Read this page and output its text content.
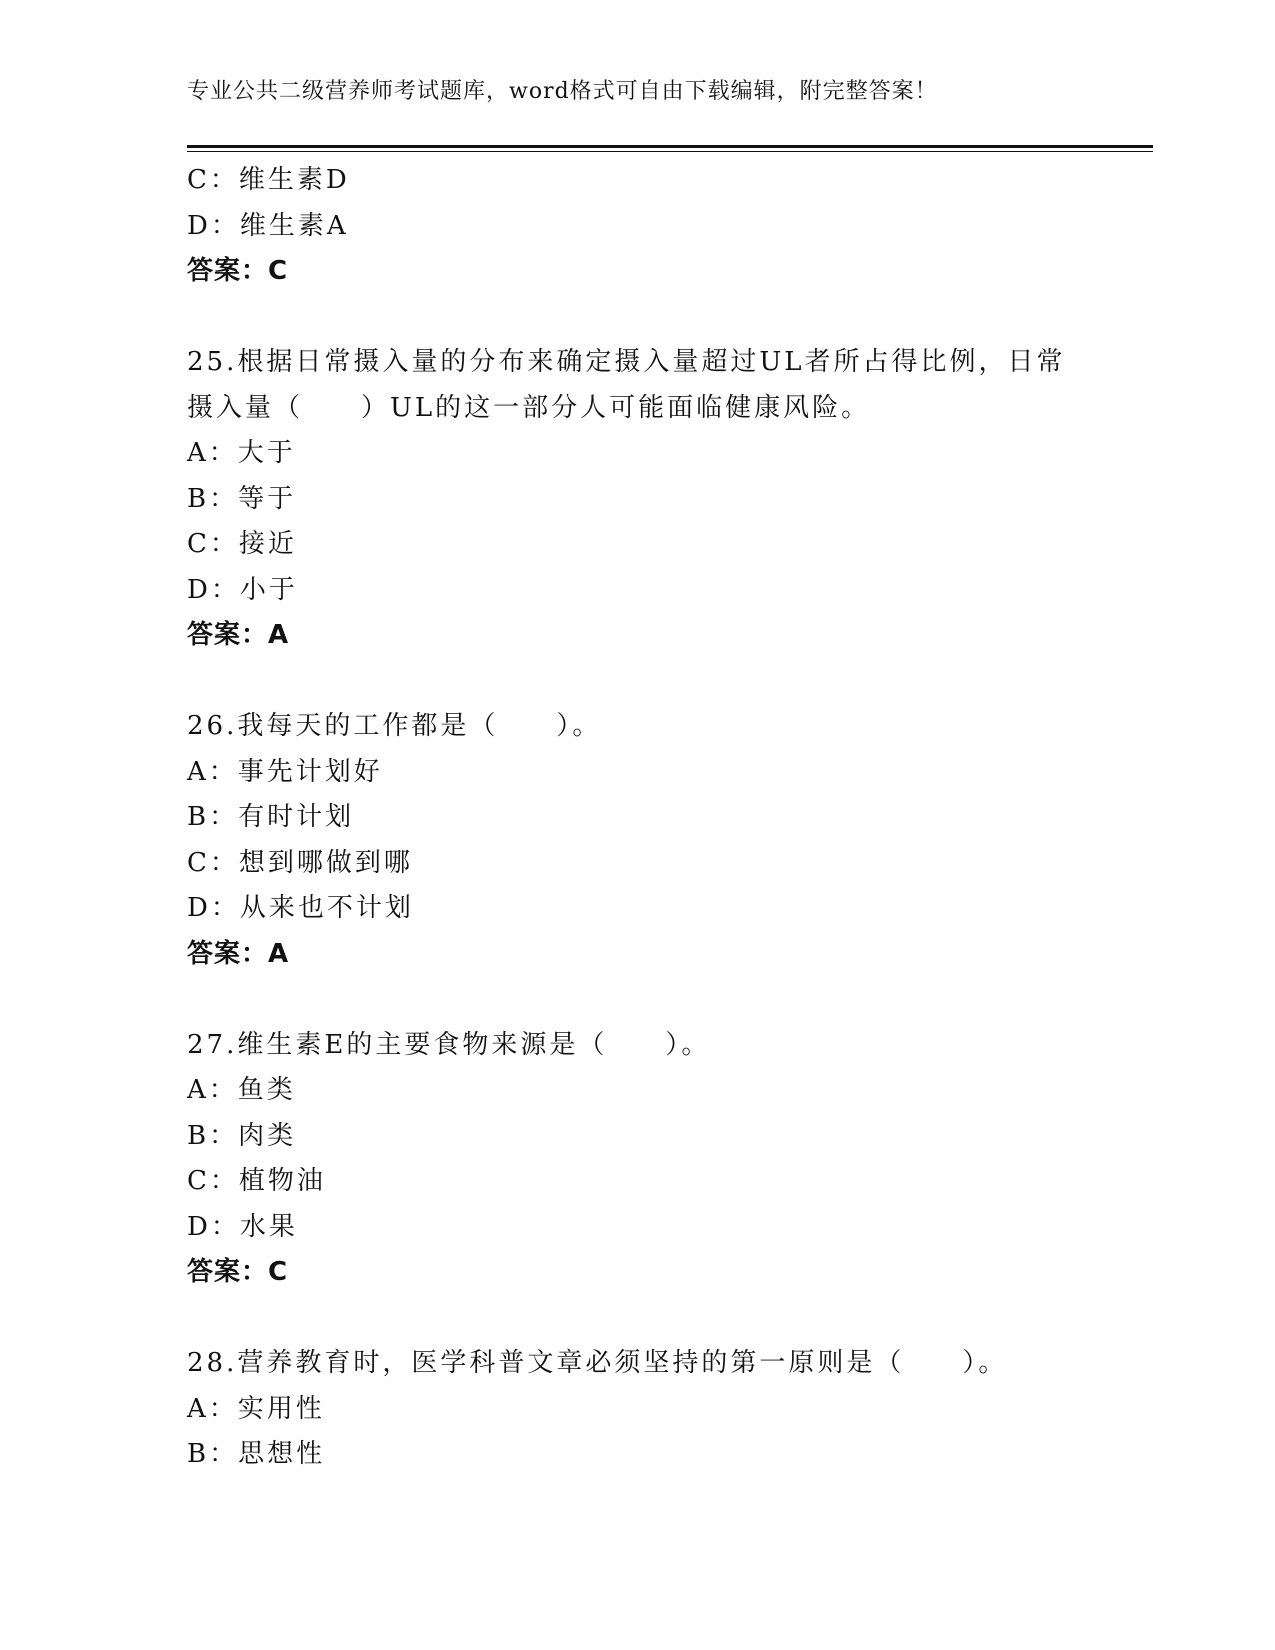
专业公共二级营养师考试题库，word格式可自由下载编辑，附完整答案！
C：维生素D
D：维生素A
答案：C
25.根据日常摄入量的分布来确定摄入量超过UL者所占得比例，日常
摄入量（　　）UL的这一部分人可能面临健康风险。
A：大于
B：等于
C：接近
D：小于
答案：A
26.我每天的工作都是（　　）。
A：事先计划好
B：有时计划
C：想到哪做到哪
D：从来也不计划
答案：A
27.维生素E的主要食物来源是（　　）。
A：鱼类
B：肉类
C：植物油
D：水果
答案：C
28.营养教育时，医学科普文章必须坚持的第一原则是（　　）。
A：实用性
B：思想性
